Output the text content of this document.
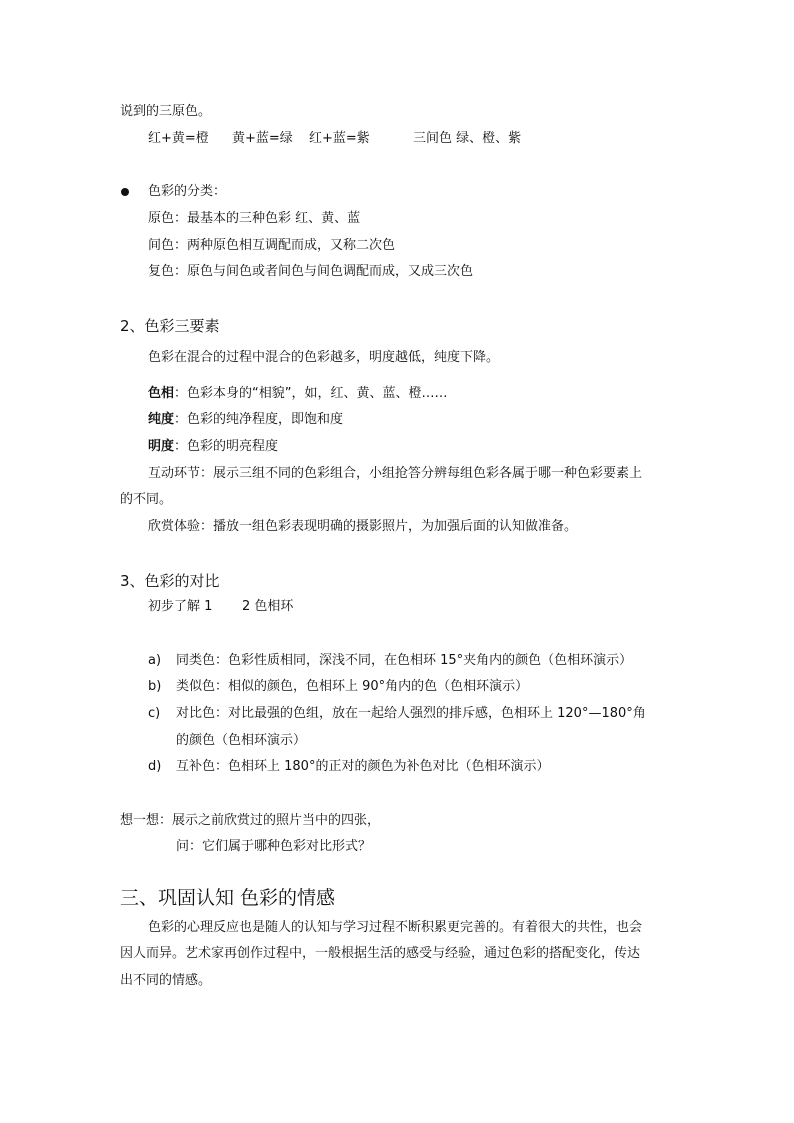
说到的三原色。
红+黄=橙 黄+蓝=绿 红+蓝=紫	三间色 绿、橙、紫
色彩的分类：
原色：最基本的三种色彩 红、黄、蓝
间色：两种原色相互调配而成，又称二次色
复色：原色与间色或者间色与间色调配而成，又成三次色
2、色彩三要素
色彩在混合的过程中混合的色彩越多，明度越低，纯度下降。
色相：色彩本身的“相貌”，如，红、黄、蓝、橙……
纯度：色彩的纯净程度，即饱和度
明度：色彩的明亮程度
互动环节：展示三组不同的色彩组合，小组抢答分辨每组色彩各属于哪一种色彩要素上
的不同。
欣赏体验：播放一组色彩表现明确的摄影照片，为加强后面的认知做准备。
3、色彩的对比
初步了解 1 2 色相环
a) 同类色：色彩性质相同，深浅不同，在色相环 15°夹角内的颜色（色相环演示）
b) 类似色：相似的颜色，色相环上 90°角内的色（色相环演示）
c) 对比色：对比最强的色组，放在一起给人强烈的排斥感，色相环上 120°—180°角
的颜色（色相环演示）
d) 互补色：色相环上 180°的正对的颜色为补色对比（色相环演示）
想一想：展示之前欣赏过的照片当中的四张，
问：它们属于哪种色彩对比形式？
三、巩固认知 色彩的情感
色彩的心理反应也是随人的认知与学习过程不断积累更完善的。有着很大的共性，也会
因人而异。艺术家再创作过程中，一般根据生活的感受与经验，通过色彩的搭配变化，传达
出不同的情感。
